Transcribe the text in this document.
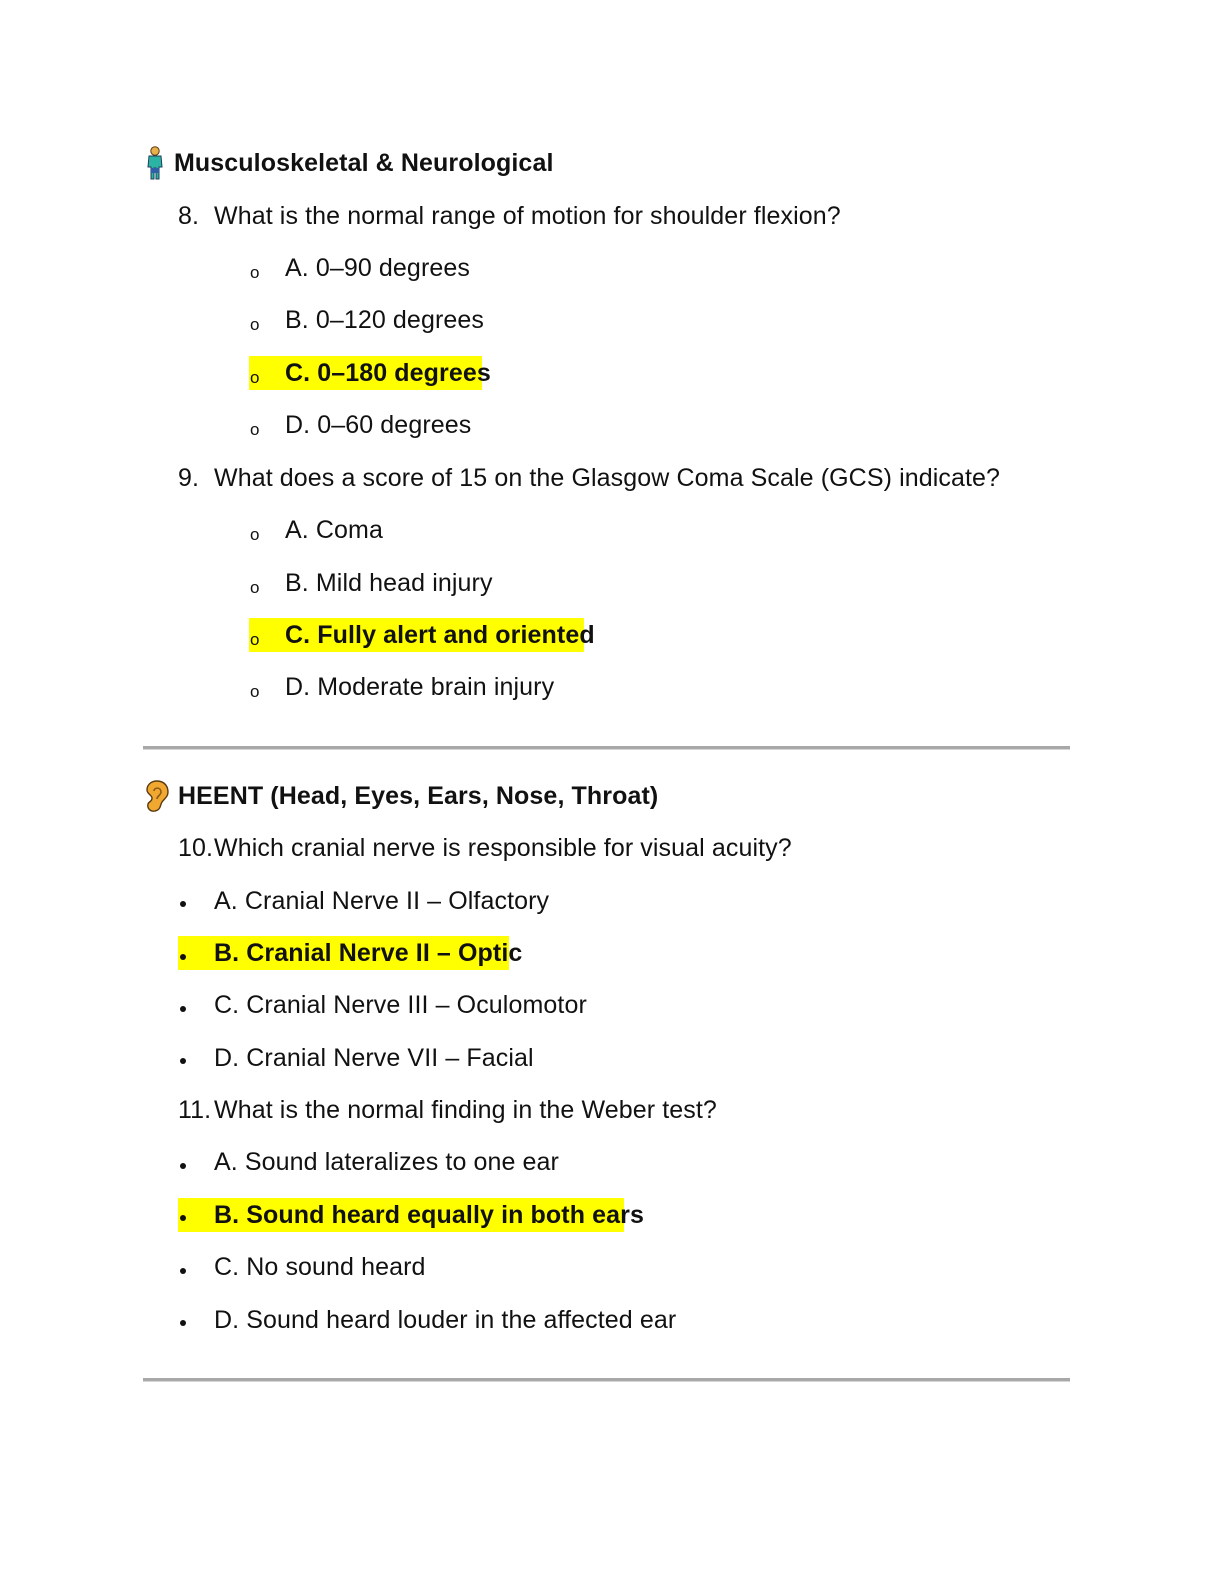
Musculoskeletal & Neurological
8. What is the normal range of motion for shoulder flexion?
o A. 0–90 degrees
o B. 0–120 degrees
o C. 0–180 degrees
o D. 0–60 degrees
9. What does a score of 15 on the Glasgow Coma Scale (GCS) indicate?
o A. Coma
o B. Mild head injury
o C. Fully alert and oriented
o D. Moderate brain injury
HEENT (Head, Eyes, Ears, Nose, Throat)
10. Which cranial nerve is responsible for visual acuity?
A. Cranial Nerve II – Olfactory
B. Cranial Nerve II – Optic
C. Cranial Nerve III – Oculomotor
D. Cranial Nerve VII – Facial
11. What is the normal finding in the Weber test?
A. Sound lateralizes to one ear
B. Sound heard equally in both ears
C. No sound heard
D. Sound heard louder in the affected ear
